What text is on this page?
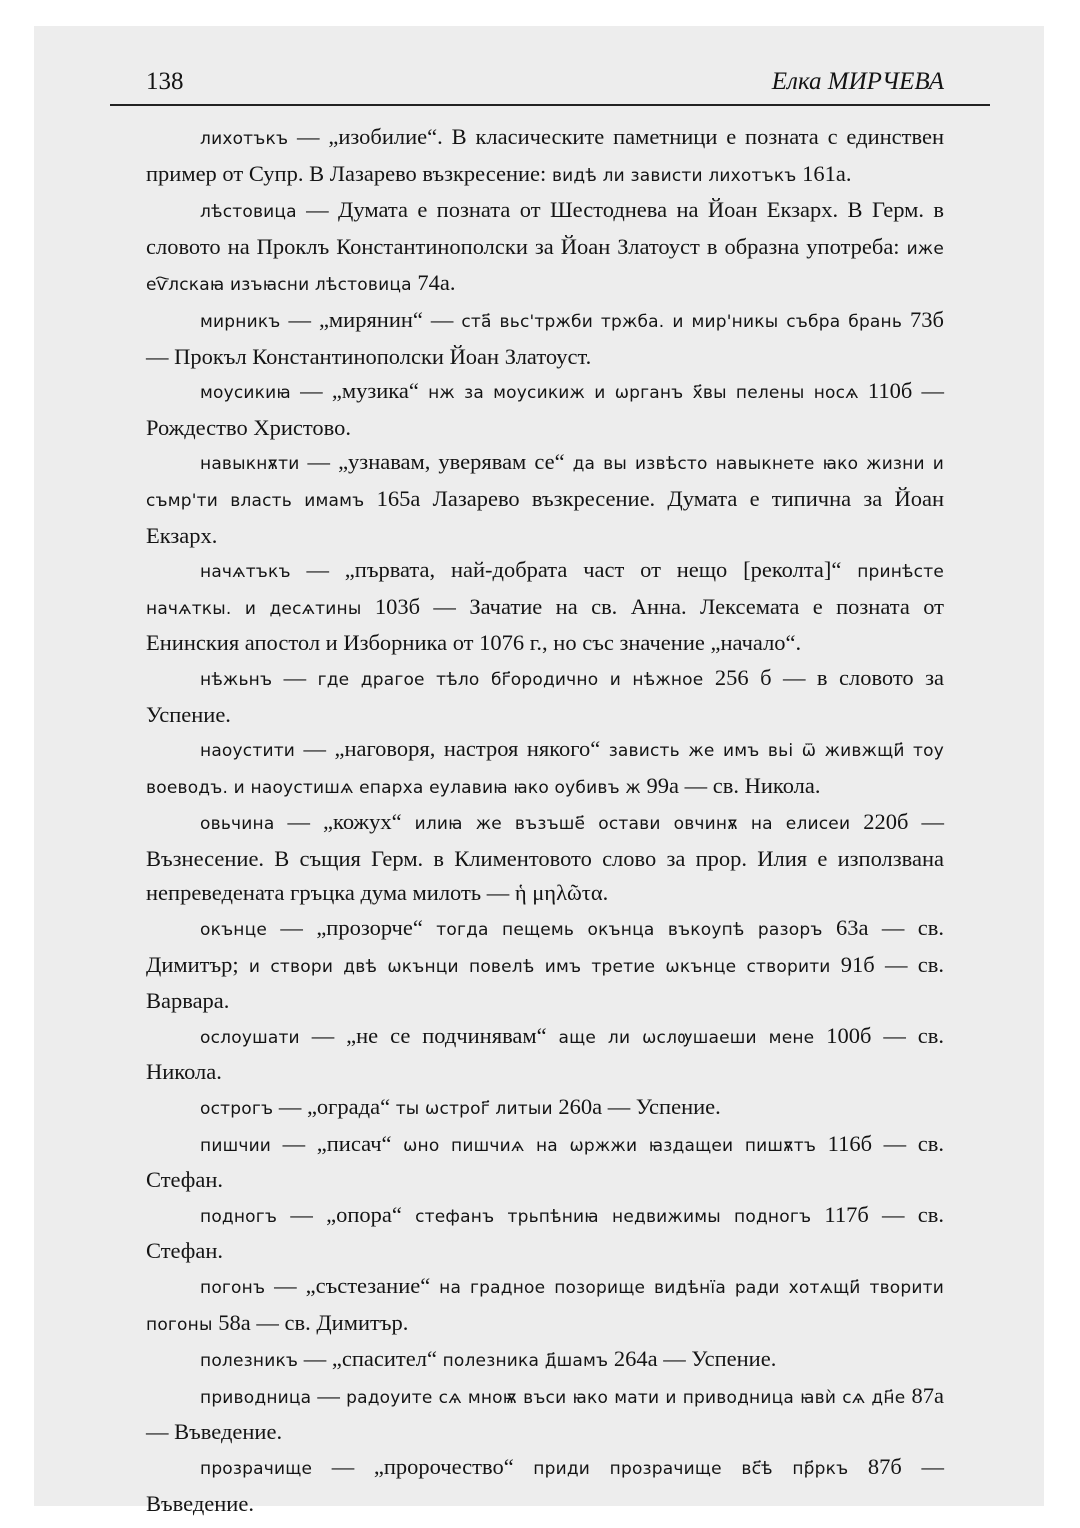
138	Елка МИРЧЕВА

лихотъкъ — „изобилие“. В класическите паметници е позната с единствен пример от Супр. В Лазарево възкресение: видѣ ли зависти лихотъкъ 161а.

лѣстовица — Думата е позната от Шестоднева на Йоан Екзарх. В Герм. в словото на Проклъ Константинополски за Йоан Златоуст в образна употреба: иже еѵ҇лскаꙗ изъꙗсни лѣстовица 74а.

мирникъ — „мирянин“ — ста҃ вьс'тржби тржба. и мир'никы събра брань 73б — Прокъл Константинополски Йоан Златоуст.

моусикиꙗ — „музика“ нж за моусикиж и ѡрганъ х҃вы пелены носѧ 110б — Рождество Христово.

навыкнѫти — „узнавам, уверявам се“ да вы извѣсто навыкнете ꙗко жизни и съмр'ти власть имамъ 165а Лазарево възкресение. Думата е типична за Йоан Екзарх.

начѧтъкъ — „първата, най-добрата част от нещо [реколта]“ принѣсте начѧткы. и десѧтины 103б — Зачатие на св. Анна. Лексемата е позната от Енинския апостол и Изборника от 1076 г., но със значение „начало“.

нѣжьнъ — где драгое тѣло бг҃ородично и нѣжное 256 б — в словото за Успение.

наоустити — „наговоря, настроя някого“ зависть же имъ вьі ѿ живжщи҃ тоу воеводъ. и наоустишѧ епарха еулавиꙗ ꙗко оубивъ ж 99а — св. Никола.

овьчина — „кожух“ илиꙗ же възъше҃ остави овчинѫ на елисеи 220б — Възнесение. В същия Герм. в Климентовото слово за прор. Илия е използвана непреведената гръцка дума милоть — ἡ μηλῶτα.

окънце — „прозорче“ тогда пещемь окънца въкоупѣ разоръ 63а — св. Димитър; и створи двѣ ѡкънци повелѣ имъ третие ѡкънце створити 91б — св. Варвара.

ослоушати — „не се подчинявам“ аще ли ѡслѹшаеши мене 100б — св. Никола.

острогъ — „ограда“ ты ѡстрог҃ литыи 260а — Успение.

пишчии — „писач“ ѡно пишчиѧ на ѡржжи ꙗздащеи пишѫтъ 116б — св. Стефан.

подногъ — „опора“ стефанъ трьпѣниꙗ недвижимы подногъ 117б — св. Стефан.

погонъ — „състезание“ на градное позорище видѣнїа ради хотѧщи҃ творити погоны 58а — св. Димитър.

полезникъ — „спасител“ полезника д҃шамъ 264а — Успение.

приводница — радоуите сѧ мноѭ въси ꙗко мати и приводница ꙗвѝ сѧ дн҃е 87а — Въведение.

прозрачище — „пророчество“ приди прозрачище вс҃ѣ пр҃ркъ 87б — Въведение.
